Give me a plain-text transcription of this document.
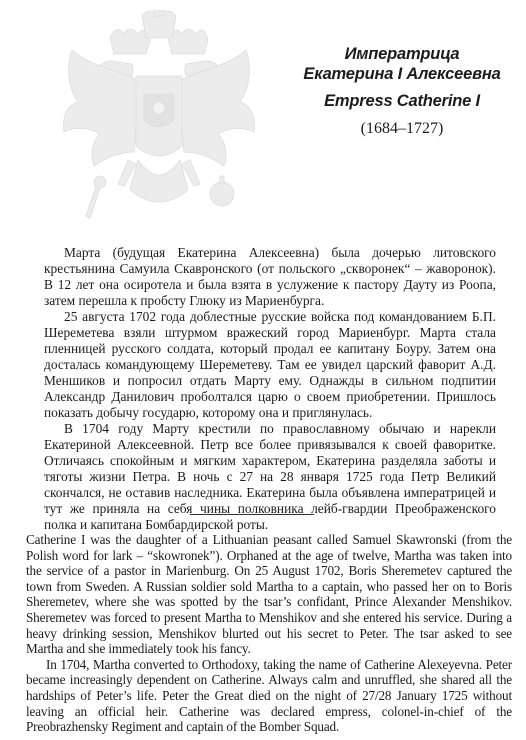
Императрица
Екатерина I Алексеевна
Empress Catherine I
(1684–1727)

Марта (будущая Екатерина Алексеевна) была дочерью литовского крестьянина Самуила Скавронского (от польского „скворонек“ – жаворонок). В 12 лет она осиротела и была взята в услужение к пастору Дауту из Роопа, затем перешла к пробсту Глюку из Мариенбурга.

25 августа 1702 года доблестные русские войска под командованием Б.П. Шереметева взяли штурмом вражеский город Мариенбург. Марта стала пленницей русского солдата, который продал ее капитану Боуру. Затем она досталась командующему Шереметеву. Там ее увидел царский фаворит А.Д. Меншиков и попросил отдать Марту ему. Однажды в сильном подпитии Александр Данилович проболтался царю о своем приобретении. Пришлось показать добычу государю, которому она и приглянулась.

В 1704 году Марту крестили по православному обычаю и нарекли Екатериной Алексеевной. Петр все более привязывался к своей фаворитке. Отличаясь спокойным и мягким характером, Екатерина разделяла заботы и тяготы жизни Петра. В ночь с 27 на 28 января 1725 года Петр Великий скончался, не оставив наследника. Екатерина была объявлена императрицей и тут же приняла на себя чины полковника лейб-гвардии Преображенского полка и капитана Бомбардирской роты.

Catherine I was the daughter of a Lithuanian peasant called Samuel Skawronski (from the Polish word for lark – “skowronek”). Orphaned at the age of twelve, Martha was taken into the service of a pastor in Marienburg. On 25 August 1702, Boris Sheremetev captured the town from Sweden. A Russian soldier sold Martha to a captain, who passed her on to Boris Sheremetev, where she was spotted by the tsar’s confidant, Prince Alexander Menshikov. Sheremetev was forced to present Martha to Menshikov and she entered his service. During a heavy drinking session, Menshikov blurted out his secret to Peter. The tsar asked to see Martha and she immediately took his fancy.

In 1704, Martha converted to Orthodoxy, taking the name of Catherine Alexeyevna. Peter became increasingly dependent on Catherine. Always calm and unruffled, she shared all the hardships of Peter’s life. Peter the Great died on the night of 27/28 January 1725 without leaving an official heir. Catherine was declared empress, colonel-in-chief of the Preobrazhensky Regiment and captain of the Bomber Squad.
